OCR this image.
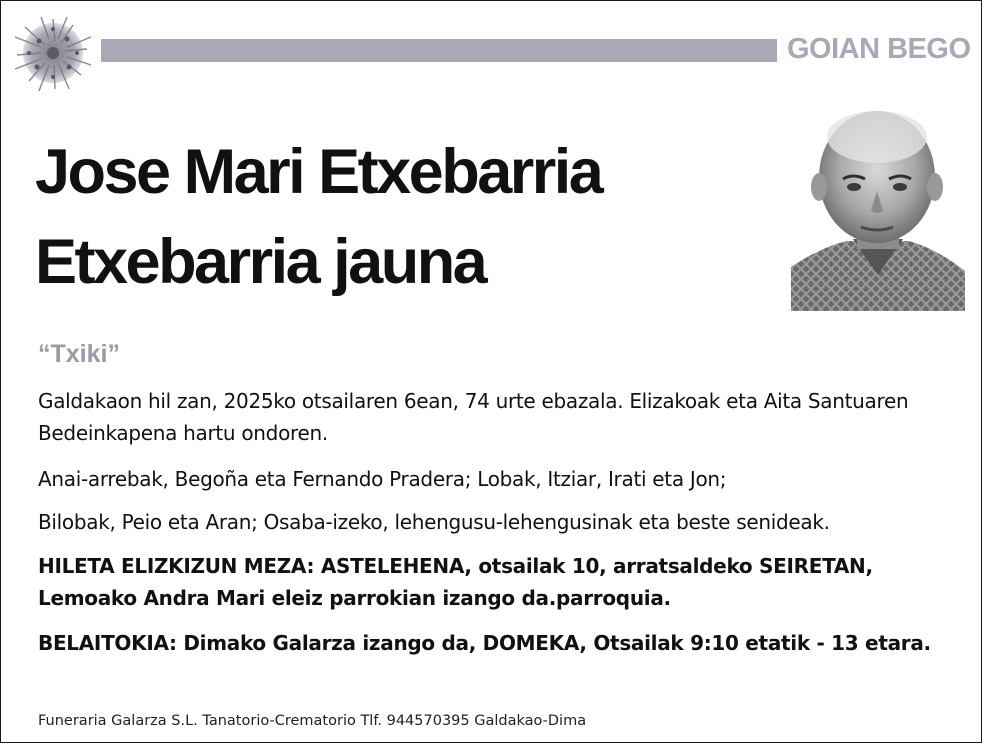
GOIAN BEGO
Jose Mari Etxebarria
Etxebarria jauna
“Txiki”

Galdakaon hil zan, 2025ko otsailaren 6ean, 74 urte ebazala. Elizakoak eta Aita Santuaren Bedeinkapena hartu ondoren.

Anai-arrebak, Begoña eta Fernando Pradera; Lobak, Itziar, Irati eta Jon;

Bilobak, Peio eta Aran; Osaba-izeko, lehengusu-lehengusinak eta beste senideak.

HILETA ELIZKIZUN MEZA: ASTELEHENA, otsailak 10, arratsaldeko SEIRETAN, Lemoako Andra Mari eleiz parrokian izango da.parroquia.

BELAITOKIA: Dimako Galarza izango da, DOMEKA, Otsailak 9:10 etatik - 13 etara.

Funeraria Galarza S.L. Tanatorio-Crematorio Tlf. 944570395 Galdakao-Dima
